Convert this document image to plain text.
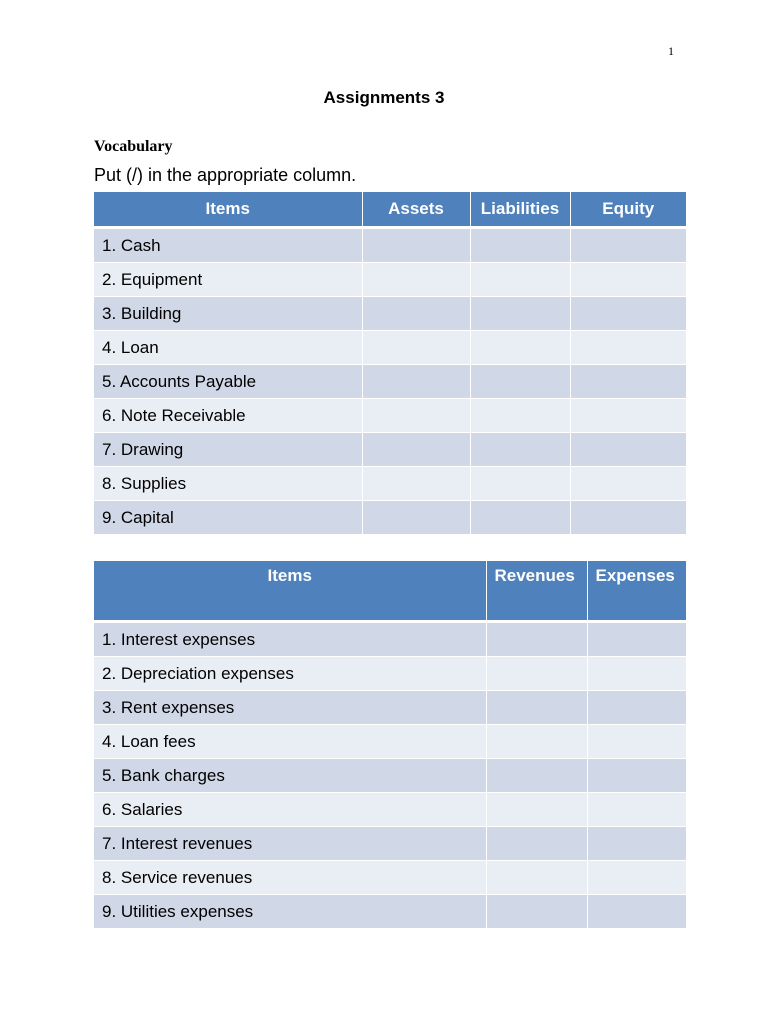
1
Assignments 3
Vocabulary
Put (/) in the appropriate column.
Items	Assets	Liabilities	Equity
1. Cash			
2. Equipment			
3. Building			
4. Loan			
5. Accounts Payable			
6. Note Receivable			
7. Drawing			
8. Supplies			
9. Capital			
Items	Revenues	Expenses
1. Interest expenses		
2. Depreciation expenses		
3. Rent expenses		
4. Loan fees		
5. Bank charges		
6. Salaries		
7. Interest revenues		
8. Service revenues		
9. Utilities expenses		
